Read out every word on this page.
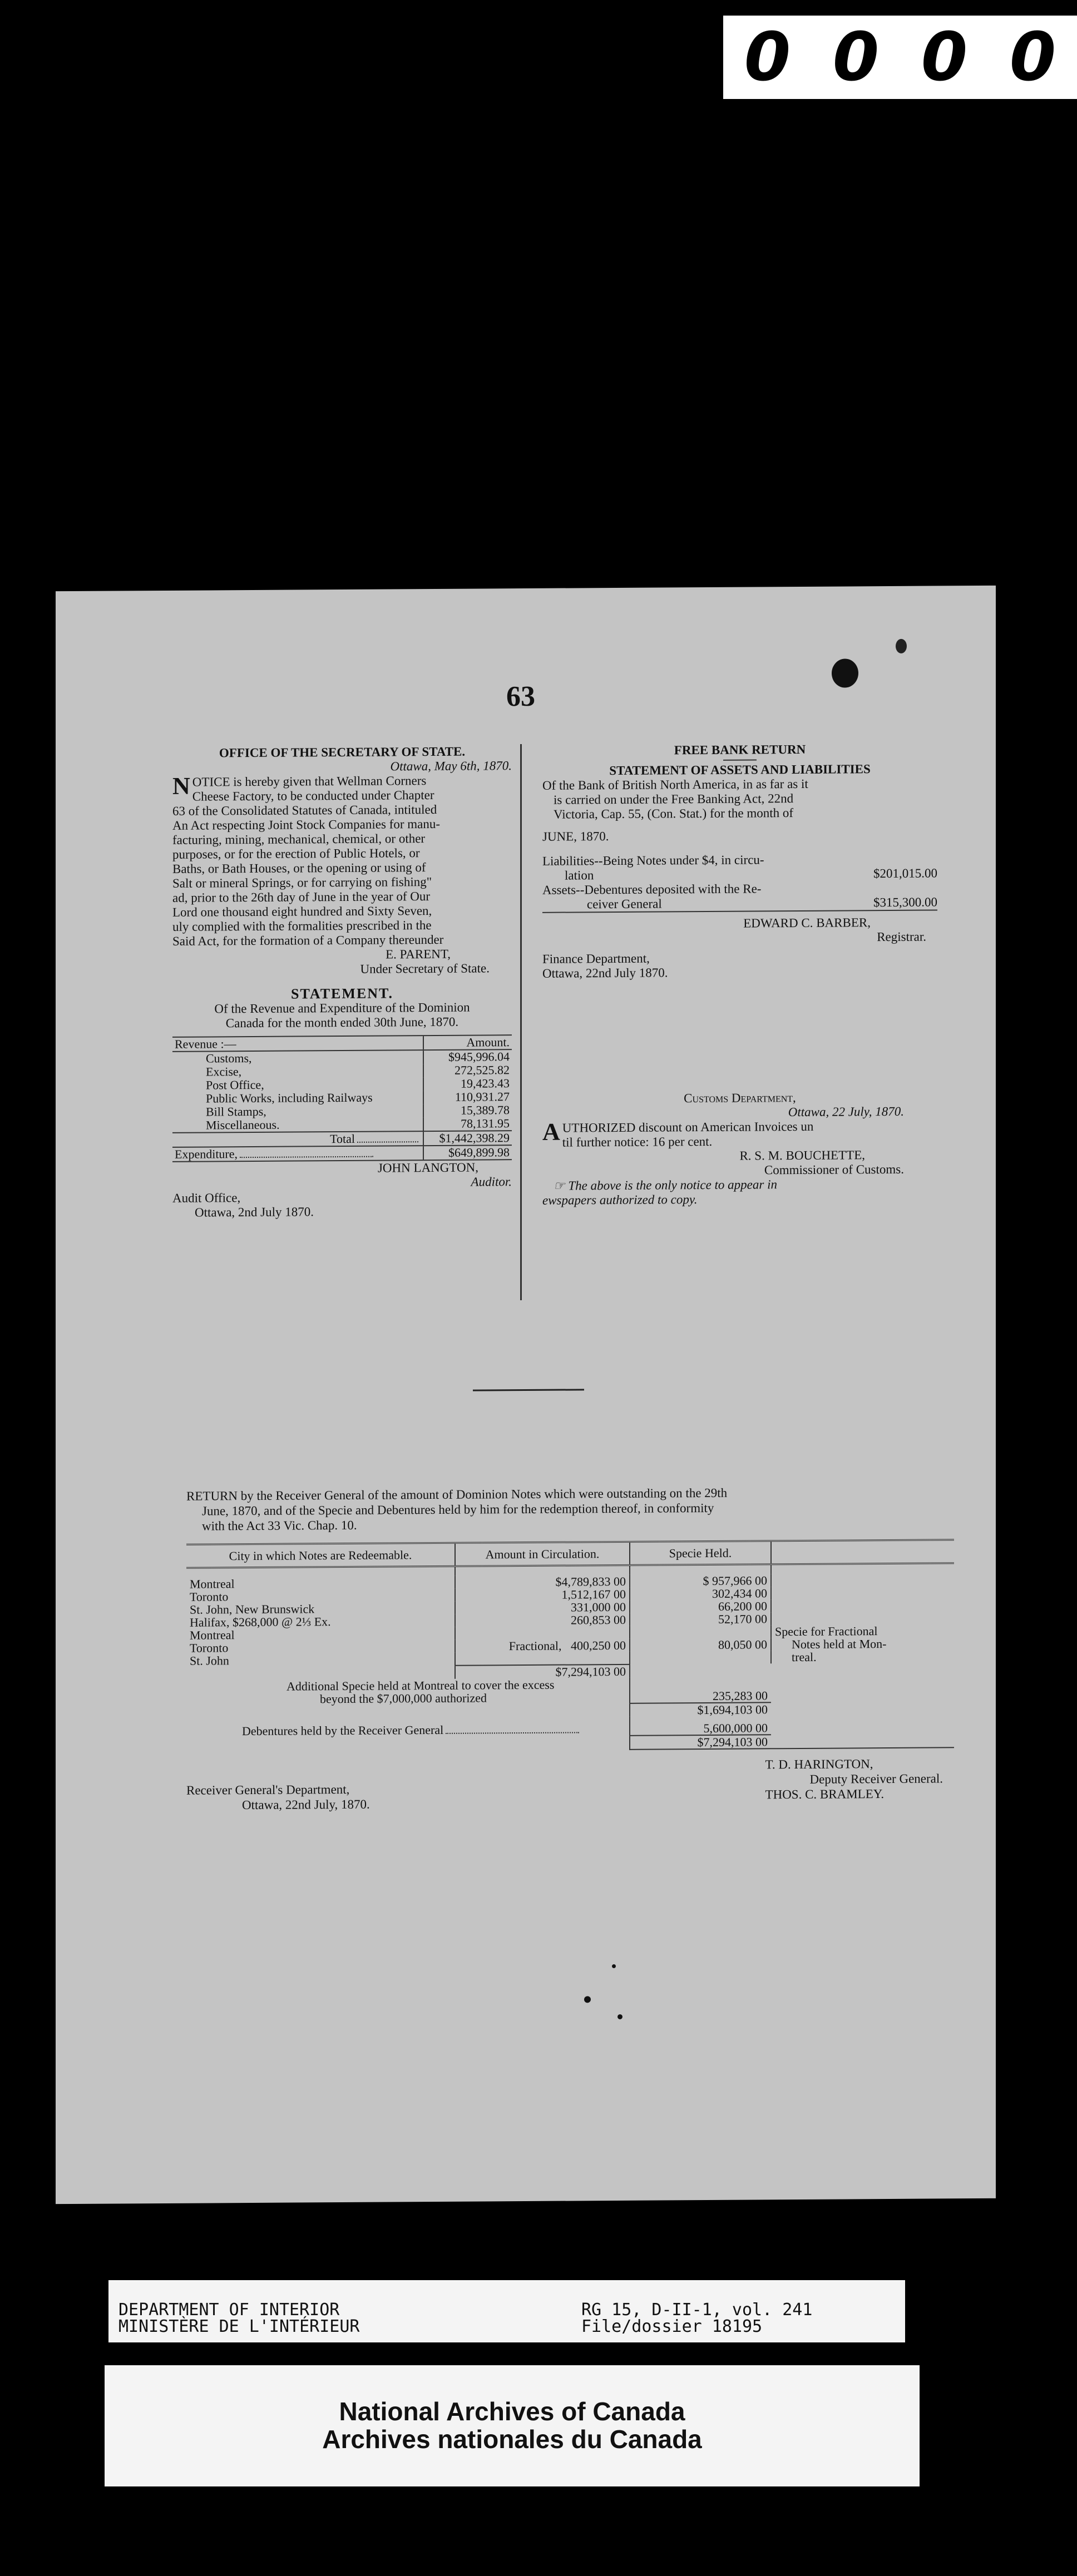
0 0 0 0
63
OFFICE OF THE SECRETARY OF STATE.
Ottawa, May 6th, 1870.
N OTICE is hereby given that Wellman Corners
Cheese Factory, to be conducted under Chapter
63 of the Consolidated Statutes of Canada, intituled
An Act respecting Joint Stock Companies for manu-
facturing, mining, mechanical, chemical, or other
purposes, or for the erection of Public Hotels, or
Baths, or Bath Houses, or the opening or using of
Salt or mineral Springs, or for carrying on fishing"
ad, prior to the 26th day of June in the year of Our
Lord one thousand eight hundred and Sixty Seven,
uly complied with the formalities prescribed in the
Said Act, for the formation of a Company thereunder
E. PARENT,
Under Secretary of State.
STATEMENT.
Of the Revenue and Expenditure of the Dominion
Canada for the month ended 30th June, 1870.
Revenue :—	Amount.
Customs,	$945,996.04
Excise,	272,525.82
Post Office,	19,423.43
Public Works, including Railways	110,931.27
Bill Stamps,	15,389.78
Miscellaneous.	78,131.95
Total	$1,442,398.29
Expenditure,	$649,899.98
JOHN LANGTON,
Auditor.
Audit Office,
Ottawa, 2nd July 1870.
FREE BANK RETURN
STATEMENT OF ASSETS AND LIABILITIES
Of the Bank of British North America, in as far as it
is carried on under the Free Banking Act, 22nd
Victoria, Cap. 55, (Con. Stat.) for the month of
JUNE, 1870.
Liabilities--Being Notes under $4, in circu-
lation	$201,015.00
Assets--Debentures deposited with the Re-
ceiver General	$315,300.00
EDWARD C. BARBER,
Registrar.
Finance Department,
Ottawa, 22nd July 1870.
Customs Department,
Ottawa, 22 July, 1870.
A UTHORIZED discount on American Invoices un
til further notice: 16 per cent.
R. S. M. BOUCHETTE,
Commissioner of Customs.
☞ The above is the only notice to appear in
ewspapers authorized to copy.
RETURN by the Receiver General of the amount of Dominion Notes which were outstanding on the 29th
June, 1870, and of the Specie and Debentures held by him for the redemption thereof, in conformity
with the Act 33 Vic. Chap. 10.
City in which Notes are Redeemable.	Amount in Circulation.	Specie Held.	

Montreal	$4,789,833 00	$ 957,966 00	
Toronto	1,512,167 00	302,434 00	
St. John, New Brunswick	331,000 00	66,200 00	
Halifax, $268,000 @ 2⅓ Ex.	260,853 00	52,170 00	
Montreal	Fractional, 400,250 00	80,050 00	Specie for Fractional
Notes held at Mon-
treal.

Toronto			
St. John			
	$7,294,103 00		

Additional Specie held at Montreal to cover the excess
beyond the $7,000,000 authorized		235,283 00	
		$1,694,103 00	
Debentures held by the Receiver General		5,600,000 00	
		$7,294,103 00	
Receiver General's Department,
Ottawa, 22nd July, 1870.
T. D. HARINGTON,
Deputy Receiver General.
THOS. C. BRAMLEY.
DEPARTMENT OF INTERIOR
MINISTÈRE DE L'INTÉRIEUR
RG 15, D-II-1, vol. 241
File/dossier 18195
National Archives of Canada
Archives nationales du Canada
